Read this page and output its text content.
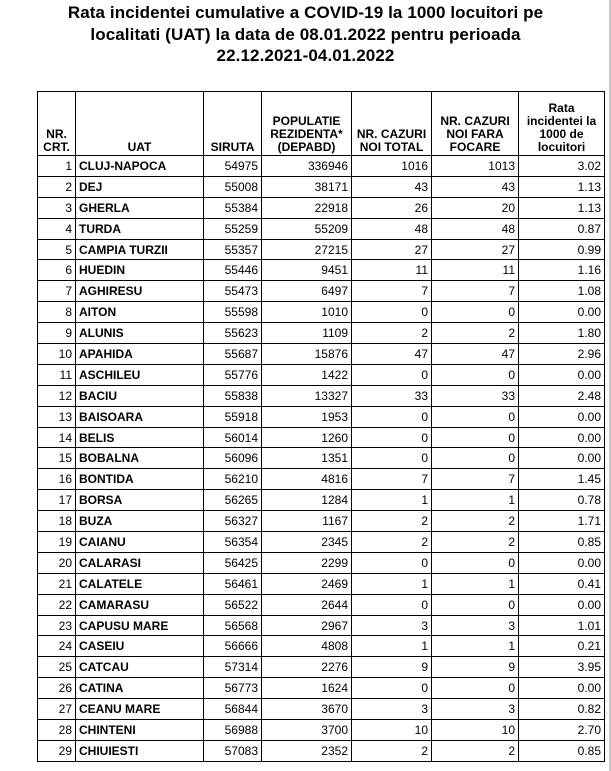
Rata incidentei cumulative a COVID-19 la 1000 locuitori pe
localitati (UAT) la data de 08.01.2022 pentru perioada
22.12.2021-04.01.2022
NR. CRT.	UAT	SIRUTA	POPULATIE REZIDENTA* (DEPABD)	NR. CAZURI NOI TOTAL	NR. CAZURI NOI FARA FOCARE	Rata incidentei la 1000 de locuitori
1	CLUJ-NAPOCA	54975	336946	1016	1013	3.02
2	DEJ	55008	38171	43	43	1.13
3	GHERLA	55384	22918	26	20	1.13
4	TURDA	55259	55209	48	48	0.87
5	CAMPIA TURZII	55357	27215	27	27	0.99
6	HUEDIN	55446	9451	11	11	1.16
7	AGHIRESU	55473	6497	7	7	1.08
8	AITON	55598	1010	0	0	0.00
9	ALUNIS	55623	1109	2	2	1.80
10	APAHIDA	55687	15876	47	47	2.96
11	ASCHILEU	55776	1422	0	0	0.00
12	BACIU	55838	13327	33	33	2.48
13	BAISOARA	55918	1953	0	0	0.00
14	BELIS	56014	1260	0	0	0.00
15	BOBALNA	56096	1351	0	0	0.00
16	BONTIDA	56210	4816	7	7	1.45
17	BORSA	56265	1284	1	1	0.78
18	BUZA	56327	1167	2	2	1.71
19	CAIANU	56354	2345	2	2	0.85
20	CALARASI	56425	2299	0	0	0.00
21	CALATELE	56461	2469	1	1	0.41
22	CAMARASU	56522	2644	0	0	0.00
23	CAPUSU MARE	56568	2967	3	3	1.01
24	CASEIU	56666	4808	1	1	0.21
25	CATCAU	57314	2276	9	9	3.95
26	CATINA	56773	1624	0	0	0.00
27	CEANU MARE	56844	3670	3	3	0.82
28	CHINTENI	56988	3700	10	10	2.70
29	CHIUIESTI	57083	2352	2	2	0.85
